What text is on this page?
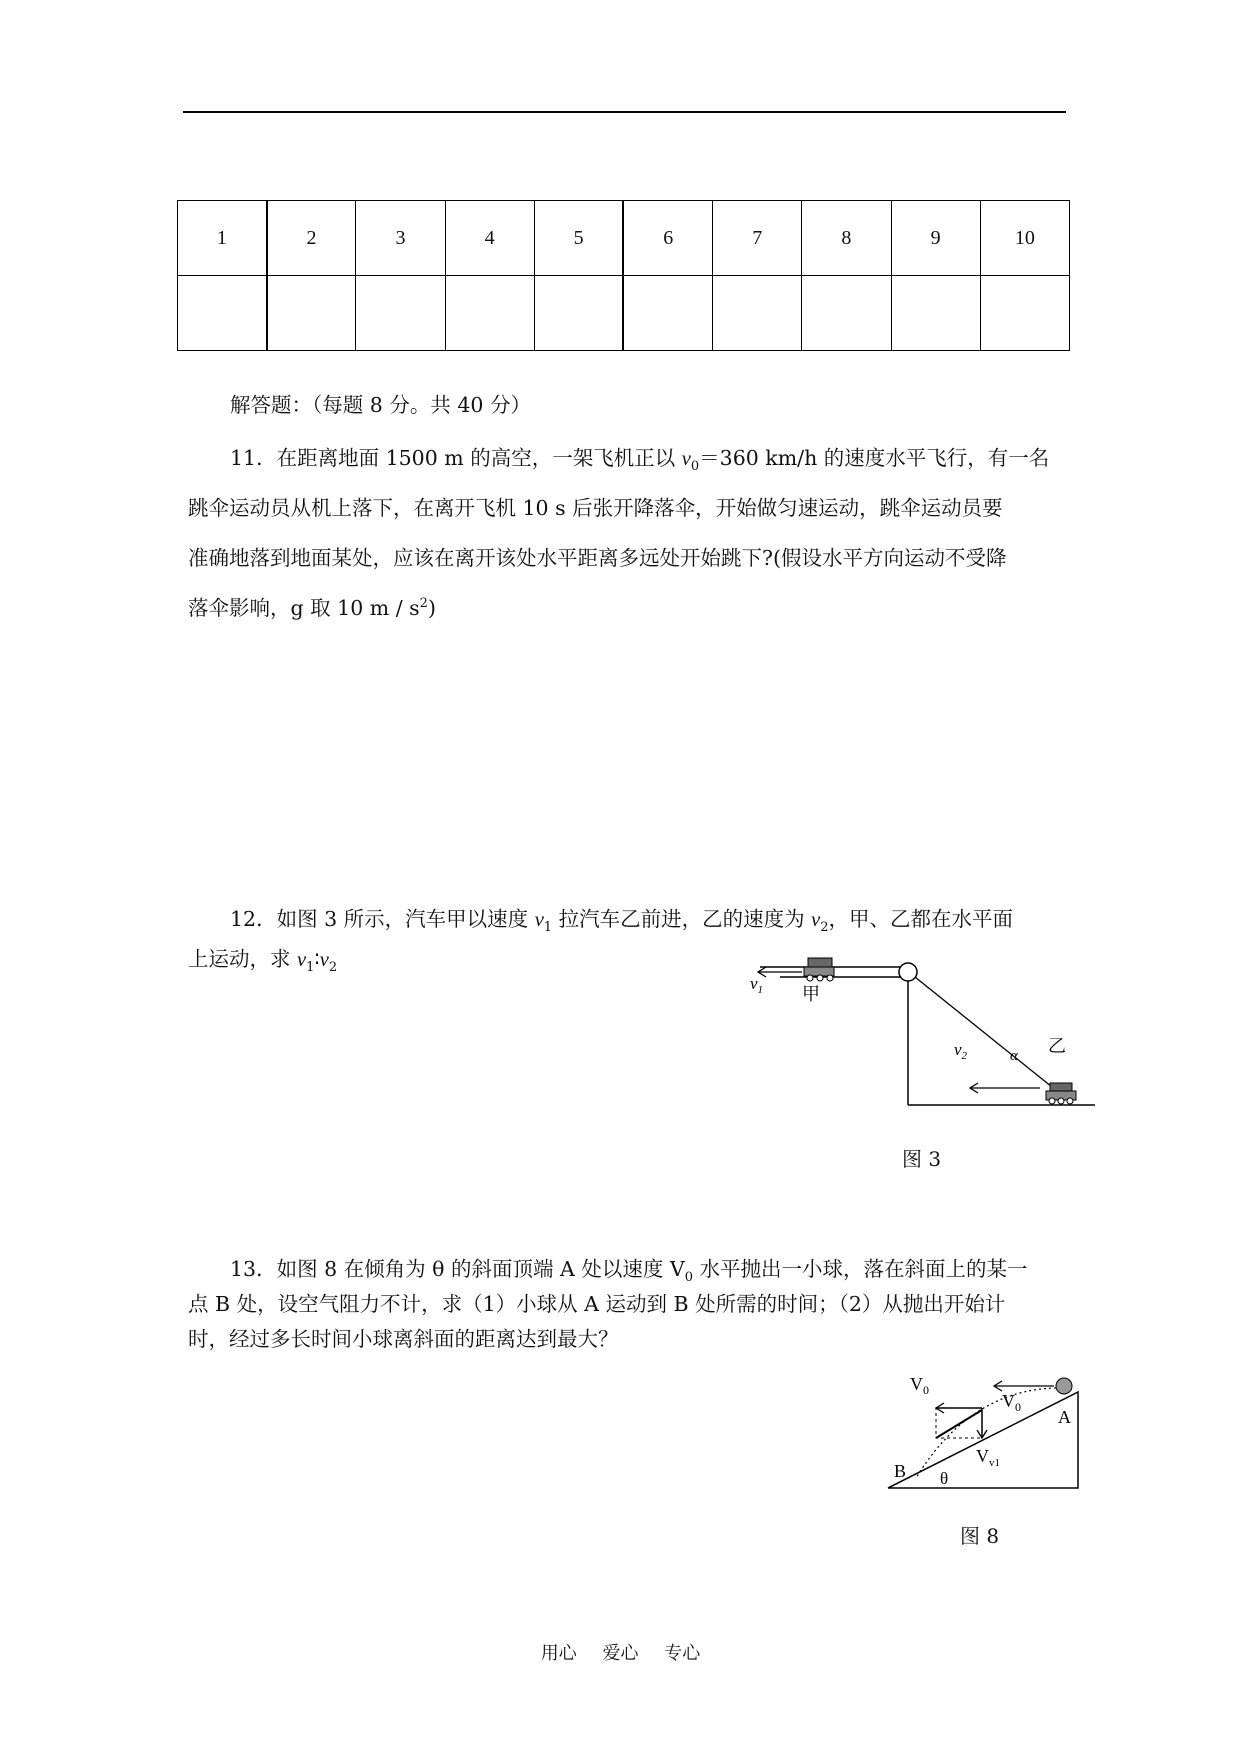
1	2	3	4	5	6	7	8	9	10

解答题：（每题 8 分。共 40 分）
11．在距离地面 1500 m 的高空，一架飞机正以 $v_0=360$ km/h 的速度水平飞行，有一名
跳伞运动员从机上落下，在离开飞机 10 s 后张开降落伞，开始做匀速运动，跳伞运动员要
准确地落到地面某处，应该在离开该处水平距离多远处开始跳下?(假设水平方向运动不受降
落伞影响，g 取 10 m / $s^2$)
12．如图 3 所示，汽车甲以速度 $v_1$ 拉汽车乙前进，乙的速度为 $v_2$，甲、乙都在水平面
上运动，求 $v_1∶v_2$
$v_1$ 甲
$v_2$	α 乙
图 3
13．如图 8 在倾角为 θ 的斜面顶端 A 处以速度 $V_0$ 水平抛出一小球，落在斜面上的某一
点 B 处，设空气阻力不计，求（1）小球从 A 运动到 B 处所需的时间；（2）从抛出开始计
时，经过多长时间小球离斜面的距离达到最大？
$V_0$
$V_0$ A
B θ
$V_{v1}$
图 8
用心 爱心 专心
